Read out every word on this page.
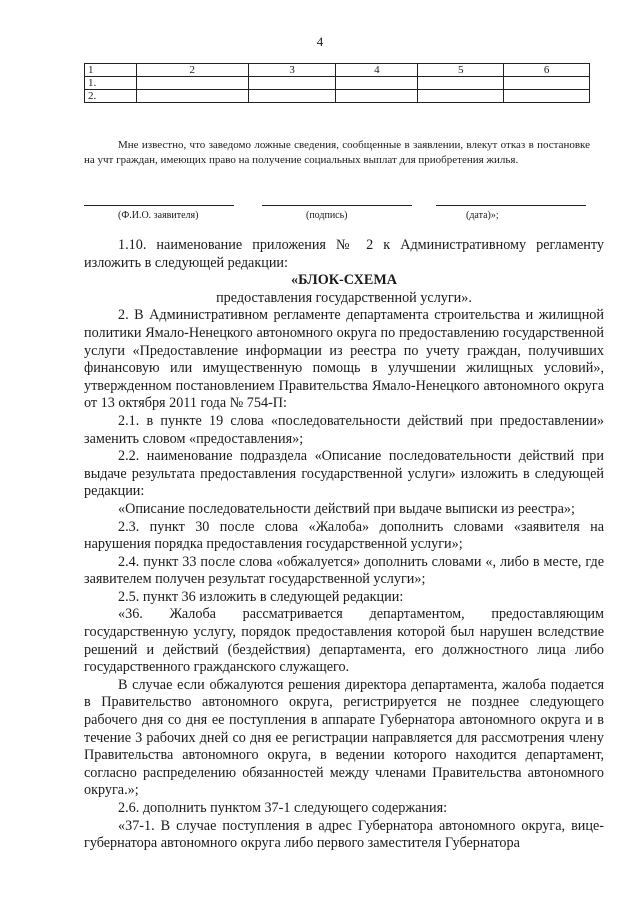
4
1	2	3	4	5	6
1.					
2.					
Мне известно, что заведомо ложные сведения, сообщенные в заявлении, влекут отказ в постановке на учт граждан, имеющих право на получение социальных выплат для приобретения жилья.
(Ф.И.О. заявителя)	(подпись)	(дата)»;

1.10. наименование приложения № 2 к Административному регламенту изложить в следующей редакции:

«БЛОК-СХЕМА

предоставления государственной услуги».

2. В Административном регламенте департамента строительства и жилищной политики Ямало-Ненецкого автономного округа по предоставлению государственной услуги «Предоставление информации из реестра по учету граждан, получивших финансовую или имущественную помощь в улучшении жилищных условий», утвержденном постановлением Правительства Ямало-Ненецкого автономного округа от 13 октября 2011 года № 754-П:

2.1. в пункте 19 слова «последовательности действий при предоставлении» заменить словом «предоставления»;

2.2. наименование подраздела «Описание последовательности действий при выдаче результата предоставления государственной услуги» изложить в следующей редакции:

«Описание последовательности действий при выдаче выписки из реестра»;

2.3. пункт 30 после слова «Жалоба» дополнить словами «заявителя на нарушения порядка предоставления государственной услуги»;

2.4. пункт 33 после слова «обжалуется» дополнить словами «, либо в месте, где заявителем получен результат государственной услуги»;

2.5. пункт 36 изложить в следующей редакции:

«36. Жалоба рассматривается департаментом, предоставляющим государственную услугу, порядок предоставления которой был нарушен вследствие решений и действий (бездействия) департамента, его должностного лица либо государственного гражданского служащего.

В случае если обжалуются решения директора департамента, жалоба подается в Правительство автономного округа, регистрируется не позднее следующего рабочего дня со дня ее поступления в аппарате Губернатора автономного округа и в течение 3 рабочих дней со дня ее регистрации направляется для рассмотрения члену Правительства автономного округа, в ведении которого находится департамент, согласно распределению обязанностей между членами Правительства автономного округа.»;

2.6. дополнить пунктом 37-1 следующего содержания:

«37-1. В случае поступления в адрес Губернатора автономного округа, вице-губернатора автономного округа либо первого заместителя Губернатора
